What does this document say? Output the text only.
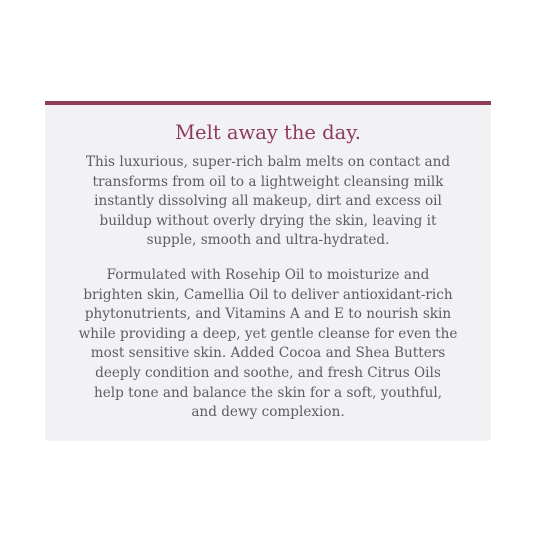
Melt away the day.

This luxurious, super-rich balm melts on contact and
transforms from oil to a lightweight cleansing milk
instantly dissolving all makeup, dirt and excess oil
buildup without overly drying the skin, leaving it
supple, smooth and ultra-hydrated.

Formulated with Rosehip Oil to moisturize and
brighten skin, Camellia Oil to deliver antioxidant-rich
phytonutrients, and Vitamins A and E to nourish skin
while providing a deep, yet gentle cleanse for even the
most sensitive skin. Added Cocoa and Shea Butters
deeply condition and soothe, and fresh Citrus Oils
help tone and balance the skin for a soft, youthful,
and dewy complexion.
